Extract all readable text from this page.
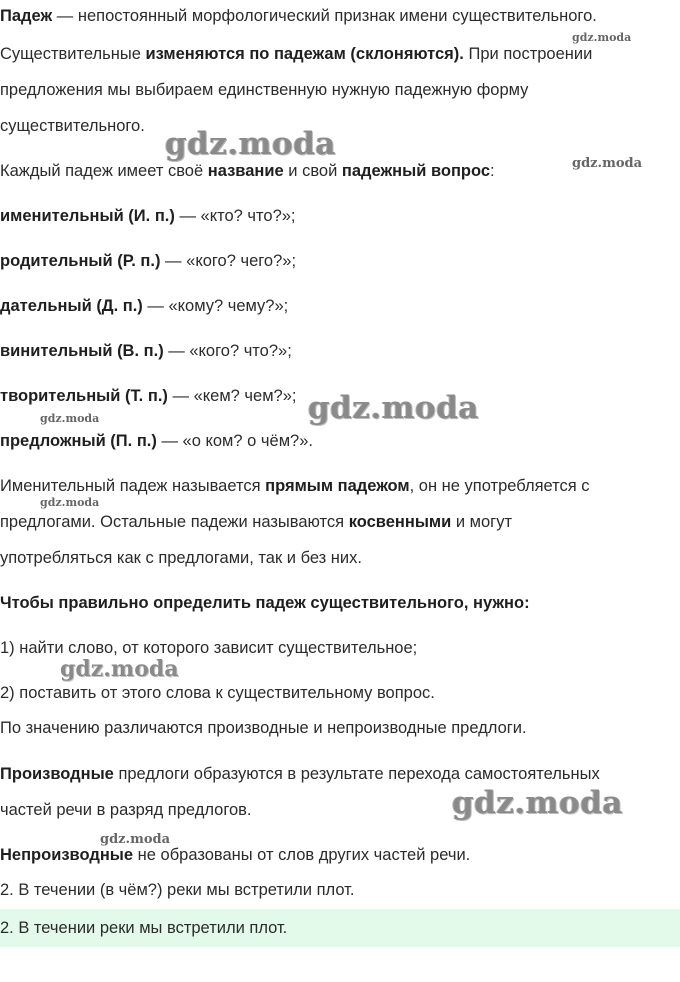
Падеж — непостоянный морфологический признак имени существительного.
Существительные изменяются по падежам (склоняются). При построении
предложения мы выбираем единственную нужную падежную форму
существительного.
Каждый падеж имеет своё название и свой падежный вопрос:
именительный (И. п.) — «кто? что?»;
родительный (Р. п.) — «кого? чего?»;
дательный (Д. п.) — «кому? чему?»;
винительный (В. п.) — «кого? что?»;
творительный (Т. п.) — «кем? чем?»;
предложный (П. п.) — «о ком? о чём?».
Именительный падеж называется прямым падежом, он не употребляется с
предлогами. Остальные падежи называются косвенными и могут
употребляться как с предлогами, так и без них.
Чтобы правильно определить падеж существительного, нужно:
1) найти слово, от которого зависит существительное;
2) поставить от этого слова к существительному вопрос.
По значению различаются производные и непроизводные предлоги.
Производные предлоги образуются в результате перехода самостоятельных
частей речи в разряд предлогов.
Непроизводные не образованы от слов других частей речи.
2. В течении (в чём?) реки мы встретили плот.
2. В течении реки мы встретили плот.
gdz.moda
gdz.moda
gdz.moda
gdz.moda
gdz.moda
gdz.moda
gdz.moda
gdz.moda
gdz.moda
